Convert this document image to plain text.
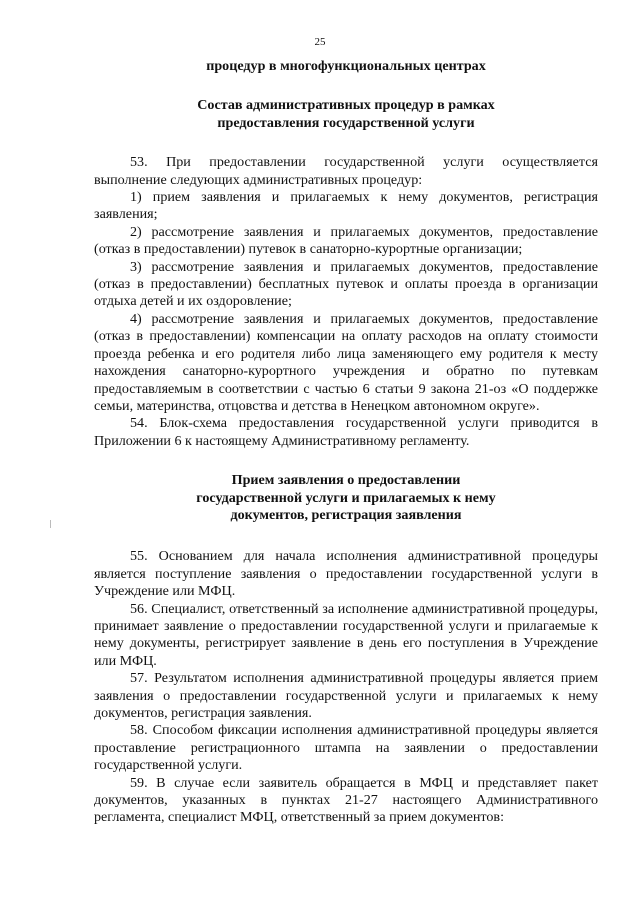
25

процедур в многофункциональных центрах

Состав административных процедур в рамках
предоставления государственной услуги

53. При предоставлении государственной услуги осуществляется выполнение следующих административных процедур:

1) прием заявления и прилагаемых к нему документов, регистрация заявления;

2) рассмотрение заявления и прилагаемых документов, предоставление (отказ в предоставлении) путевок в санаторно-курортные организации;

3) рассмотрение заявления и прилагаемых документов, предоставление (отказ в предоставлении) бесплатных путевок и оплаты проезда в организации отдыха детей и их оздоровление;

4) рассмотрение заявления и прилагаемых документов, предоставление (отказ в предоставлении) компенсации на оплату расходов на оплату стоимости проезда ребенка и его родителя либо лица заменяющего ему родителя к месту нахождения санаторно-курортного учреждения и обратно по путевкам предоставляемым в соответствии с частью 6 статьи 9 закона 21-оз «О поддержке семьи, материнства, отцовства и детства в Ненецком автономном округе».

54. Блок-схема предоставления государственной услуги приводится в Приложении 6 к настоящему Административному регламенту.

Прием заявления о предоставлении
государственной услуги и прилагаемых к нему
документов, регистрация заявления

55. Основанием для начала исполнения административной процедуры является поступление заявления о предоставлении государственной услуги в Учреждение или МФЦ.

56. Специалист, ответственный за исполнение административной процедуры, принимает заявление о предоставлении государственной услуги и прилагаемые к нему документы, регистрирует заявление в день его поступления в Учреждение или МФЦ.

57. Результатом исполнения административной процедуры является прием заявления о предоставлении государственной услуги и прилагаемых к нему документов, регистрация заявления.

58. Способом фиксации исполнения административной процедуры является проставление регистрационного штампа на заявлении о предоставлении государственной услуги.

59. В случае если заявитель обращается в МФЦ и представляет пакет документов, указанных в пунктах 21-27 настоящего Административного регламента, специалист МФЦ, ответственный за прием документов:
